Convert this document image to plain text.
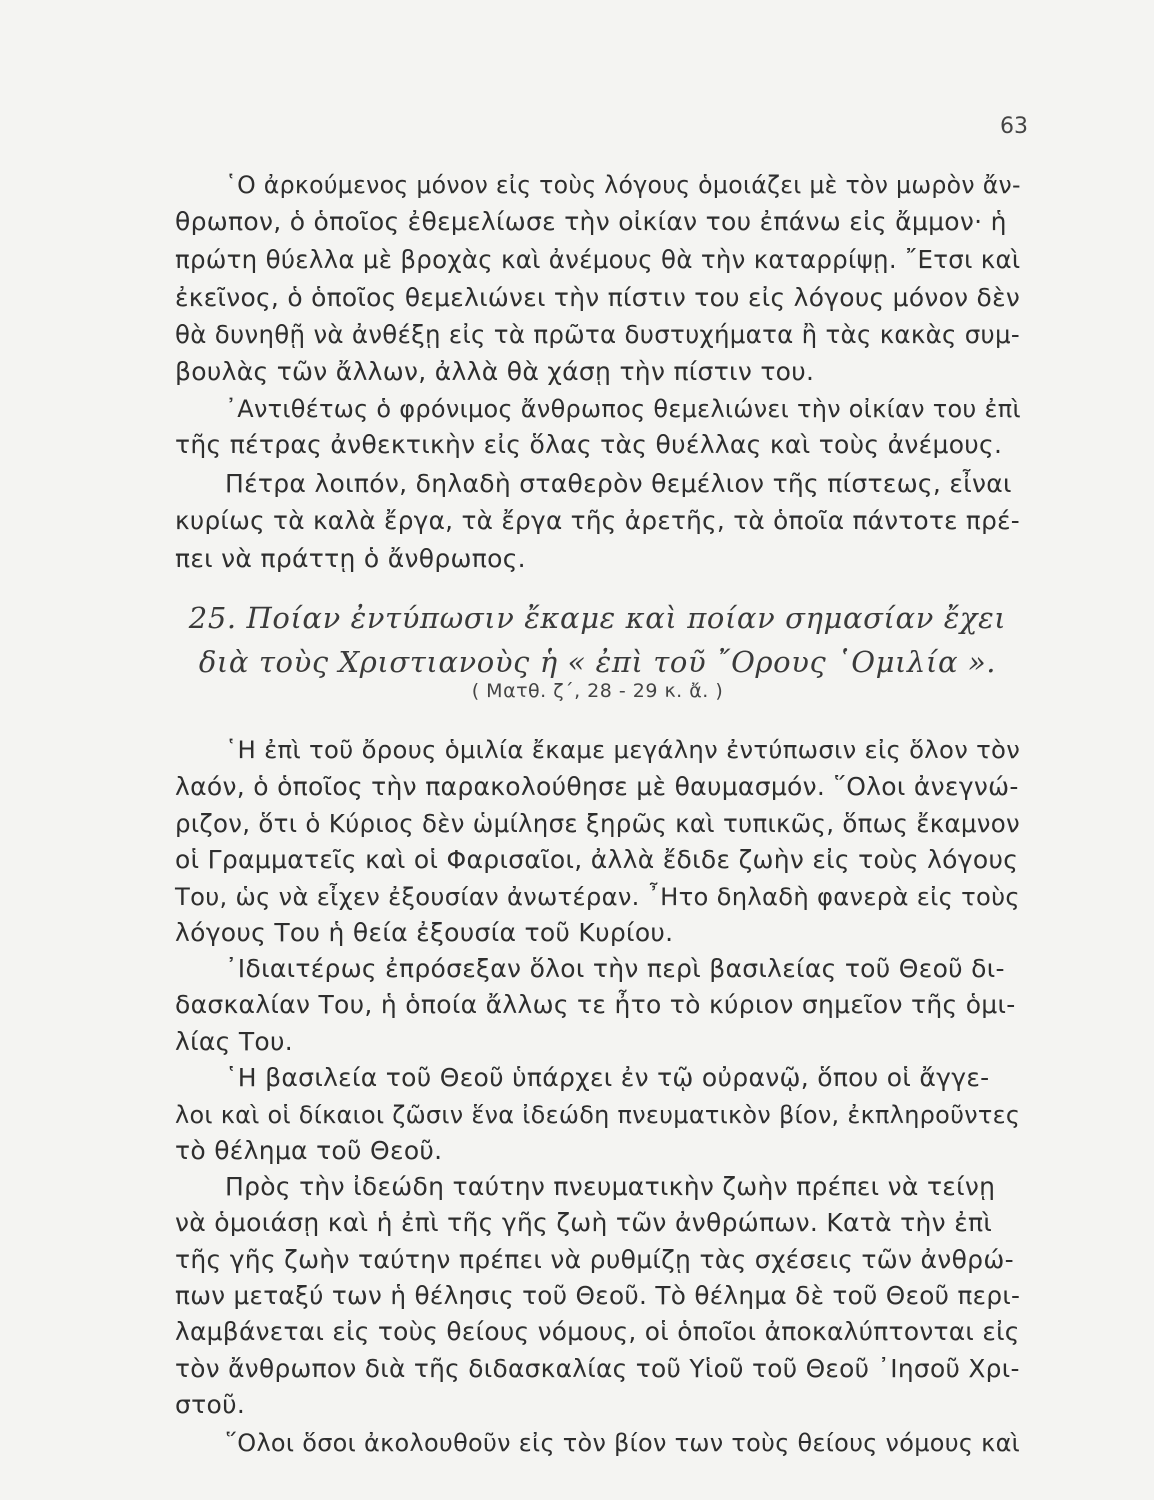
63
῾Ο ἀρκούμενος μόνον εἰς τοὺς λόγους ὁμοιάζει μὲ τὸν μωρὸν ἄν-
θρωπον, ὁ ὁποῖος ἐθεμελίωσε τὴν οἰκίαν του ἐπάνω εἰς ἄμμον· ἡ
πρώτη θύελλα μὲ βροχὰς καὶ ἀνέμους θὰ τὴν καταρρίψῃ. ῎Ετσι καὶ
ἐκεῖνος, ὁ ὁποῖος θεμελιώνει τὴν πίστιν του εἰς λόγους μόνον δὲν
θὰ δυνηθῇ νὰ ἀνθέξῃ εἰς τὰ πρῶτα δυστυχήματα ἢ τὰς κακὰς συμ-
βουλὰς τῶν ἄλλων, ἀλλὰ θὰ χάσῃ τὴν πίστιν του.
᾿Αντιθέτως ὁ φρόνιμος ἄνθρωπος θεμελιώνει τὴν οἰκίαν του ἐπὶ
τῆς πέτρας ἀνθεκτικὴν εἰς ὅλας τὰς θυέλλας καὶ τοὺς ἀνέμους.
Πέτρα λοιπόν, δηλαδὴ σταθερὸν θεμέλιον τῆς πίστεως, εἶναι
κυρίως τὰ καλὰ ἔργα, τὰ ἔργα τῆς ἀρετῆς, τὰ ὁποῖα πάντοτε πρέ-
πει νὰ πράττῃ ὁ ἄνθρωπος.
25. Ποίαν ἐντύπωσιν ἔκαμε καὶ ποίαν σημασίαν ἔχει
διὰ τοὺς Χριστιανοὺς ἡ « ἐπὶ τοῦ ῎Ορους ῾Ομιλία ».
( Ματθ. ζ΄, 28 - 29 κ. ἄ. )
῾Η ἐπὶ τοῦ ὄρους ὁμιλία ἔκαμε μεγάλην ἐντύπωσιν εἰς ὅλον τὸν
λαόν, ὁ ὁποῖος τὴν παρακολούθησε μὲ θαυμασμόν. ῞Ολοι ἀνεγνώ-
ριζον, ὅτι ὁ Κύριος δὲν ὡμίλησε ξηρῶς καὶ τυπικῶς, ὅπως ἔκαμνον
οἱ Γραμματεῖς καὶ οἱ Φαρισαῖοι, ἀλλὰ ἔδιδε ζωὴν εἰς τοὺς λόγους
Του, ὡς νὰ εἶχεν ἐξουσίαν ἀνωτέραν. ῏Ητο δηλαδὴ φανερὰ εἰς τοὺς
λόγους Του ἡ θεία ἐξουσία τοῦ Κυρίου.
᾿Ιδιαιτέρως ἐπρόσεξαν ὅλοι τὴν περὶ βασιλείας τοῦ Θεοῦ δι-
δασκαλίαν Του, ἡ ὁποία ἄλλως τε ἦτο τὸ κύριον σημεῖον τῆς ὁμι-
λίας Του.
῾Η βασιλεία τοῦ Θεοῦ ὑπάρχει ἐν τῷ οὐρανῷ, ὅπου οἱ ἄγγε-
λοι καὶ οἱ δίκαιοι ζῶσιν ἕνα ἰδεώδη πνευματικὸν βίον, ἐκπληροῦντες
τὸ θέλημα τοῦ Θεοῦ.
Πρὸς τὴν ἰδεώδη ταύτην πνευματικὴν ζωὴν πρέπει νὰ τείνῃ
νὰ ὁμοιάσῃ καὶ ἡ ἐπὶ τῆς γῆς ζωὴ τῶν ἀνθρώπων. Κατὰ τὴν ἐπὶ
τῆς γῆς ζωὴν ταύτην πρέπει νὰ ρυθμίζῃ τὰς σχέσεις τῶν ἀνθρώ-
πων μεταξύ των ἡ θέλησις τοῦ Θεοῦ. Τὸ θέλημα δὲ τοῦ Θεοῦ περι-
λαμβάνεται εἰς τοὺς θείους νόμους, οἱ ὁποῖοι ἀποκαλύπτονται εἰς
τὸν ἄνθρωπον διὰ τῆς διδασκαλίας τοῦ Υἱοῦ τοῦ Θεοῦ ᾿Ιησοῦ Χρι-
στοῦ.
῞Ολοι ὅσοι ἀκολουθοῦν εἰς τὸν βίον των τοὺς θείους νόμους καὶ
